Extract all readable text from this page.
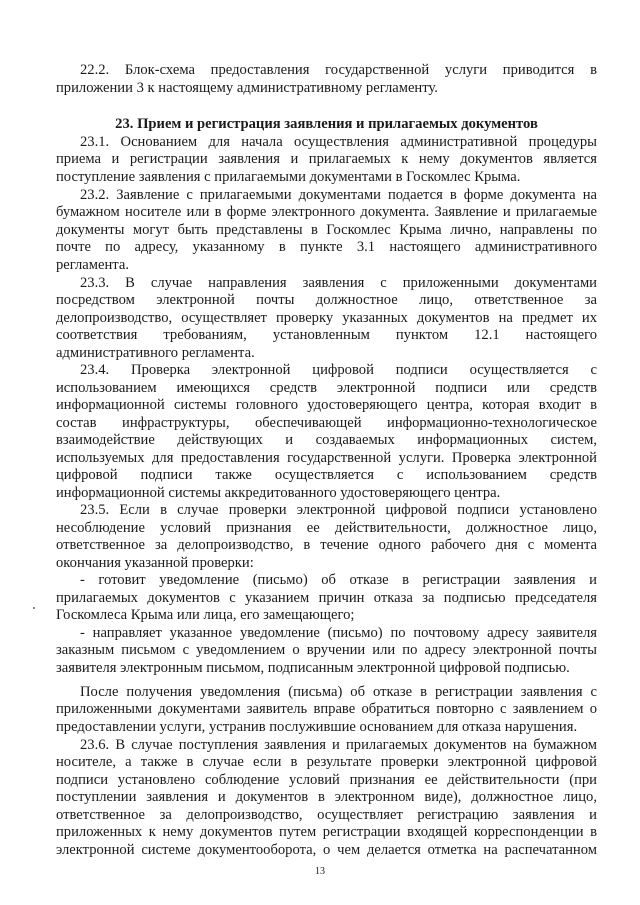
22.2. Блок-схема предоставления государственной услуги приводится в
приложении 3 к настоящему административному регламенту.
23. Прием и регистрация заявления и прилагаемых документов
23.1. Основанием для начала осуществления административной процедуры
приема и регистрации заявления и прилагаемых к нему документов является
поступление заявления с прилагаемыми документами в Госкомлес Крыма.
23.2. Заявление с прилагаемыми документами подается в форме документа на
бумажном носителе или в форме электронного документа. Заявление и прилагаемые
документы могут быть представлены в Госкомлес Крыма лично, направлены по
почте по адресу, указанному в пункте 3.1 настоящего административного
регламента.
23.3. В случае направления заявления с приложенными документами
посредством электронной почты должностное лицо, ответственное за
делопроизводство, осуществляет проверку указанных документов на предмет их
соответствия требованиям, установленным пунктом 12.1 настоящего
административного регламента.
23.4. Проверка электронной цифровой подписи осуществляется с
использованием имеющихся средств электронной подписи или средств
информационной системы головного удостоверяющего центра, которая входит в
состав инфраструктуры, обеспечивающей информационно-технологическое
взаимодействие действующих и создаваемых информационных систем,
используемых для предоставления государственной услуги. Проверка электронной
цифровой подписи также осуществляется с использованием средств
информационной системы аккредитованного удостоверяющего центра.
23.5. Если в случае проверки электронной цифровой подписи установлено
несоблюдение условий признания ее действительности, должностное лицо,
ответственное за делопроизводство, в течение одного рабочего дня с момента
окончания указанной проверки:
- готовит уведомление (письмо) об отказе в регистрации заявления и
прилагаемых документов с указанием причин отказа за подписью председателя
Госкомлеса Крыма или лица, его замещающего;
- направляет указанное уведомление (письмо) по почтовому адресу заявителя
заказным письмом с уведомлением о вручении или по адресу электронной почты
заявителя электронным письмом, подписанным электронной цифровой подписью.
После получения уведомления (письма) об отказе в регистрации заявления с
приложенными документами заявитель вправе обратиться повторно с заявлением о
предоставлении услуги, устранив послужившие основанием для отказа нарушения.
23.6. В случае поступления заявления и прилагаемых документов на бумажном
носителе, а также в случае если в результате проверки электронной цифровой
подписи установлено соблюдение условий признания ее действительности (при
поступлении заявления и документов в электронном виде), должностное лицо,
ответственное за делопроизводство, осуществляет регистрацию заявления и
приложенных к нему документов путем регистрации входящей корреспонденции в
электронной системе документооборота, о чем делается отметка на распечатанном
13
